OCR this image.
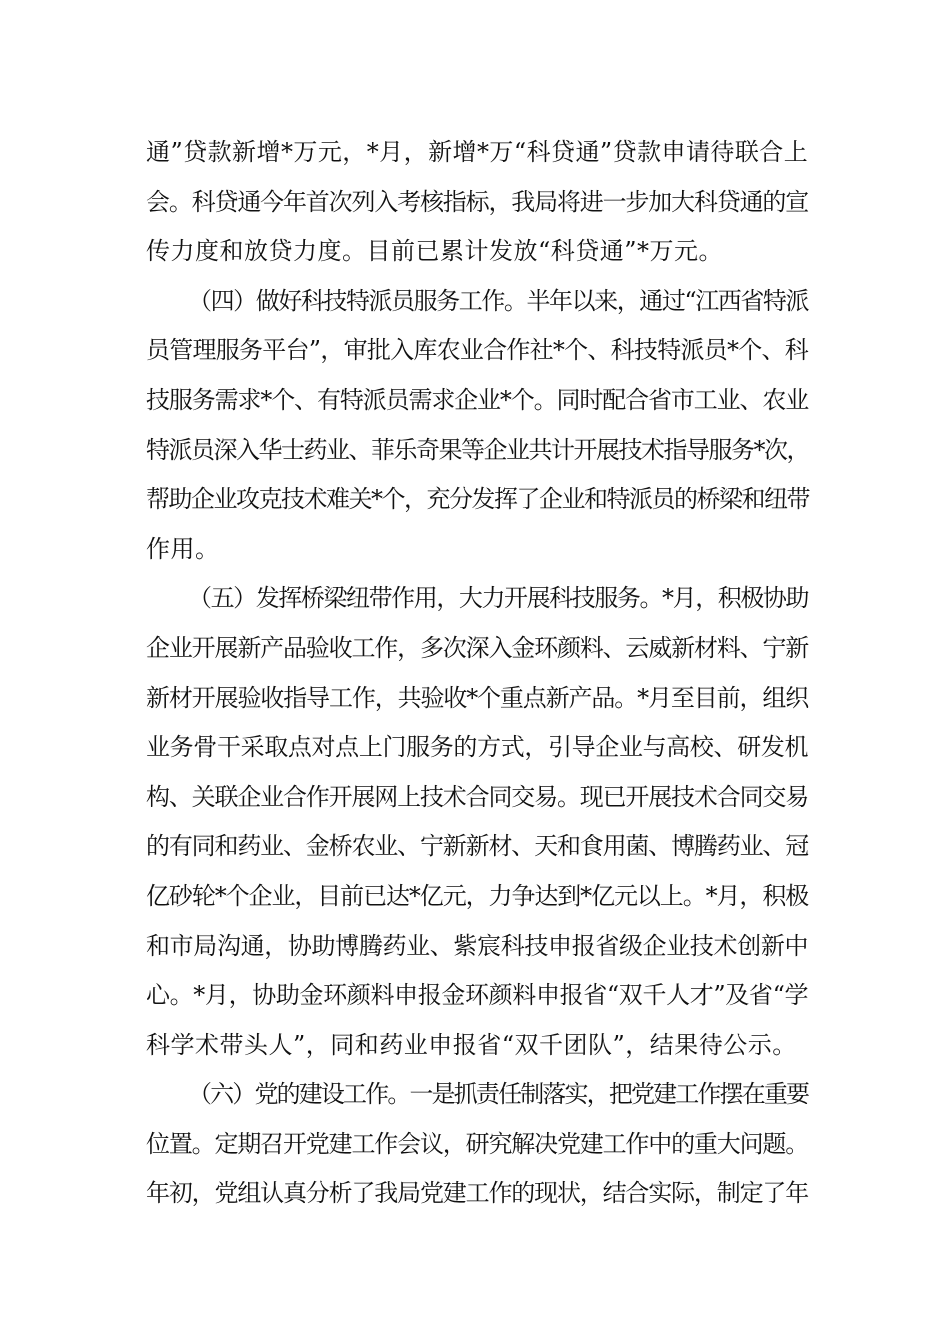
通”贷款新增*万元，*月，新增*万“科贷通”贷款申请待联合上
会。科贷通今年首次列入考核指标，我局将进一步加大科贷通的宣
传力度和放贷力度。目前已累计发放“科贷通”*万元。
（四）做好科技特派员服务工作。半年以来，通过“江西省特派
员管理服务平台”，审批入库农业合作社*个、科技特派员*个、科
技服务需求*个、有特派员需求企业*个。同时配合省市工业、农业
特派员深入华士药业、菲乐奇果等企业共计开展技术指导服务*次，
帮助企业攻克技术难关*个，充分发挥了企业和特派员的桥梁和纽带
作用。
（五）发挥桥梁纽带作用，大力开展科技服务。*月，积极协助
企业开展新产品验收工作，多次深入金环颜料、云威新材料、宁新
新材开展验收指导工作，共验收*个重点新产品。*月至目前，组织
业务骨干采取点对点上门服务的方式，引导企业与高校、研发机
构、关联企业合作开展网上技术合同交易。现已开展技术合同交易
的有同和药业、金桥农业、宁新新材、天和食用菌、博腾药业、冠
亿砂轮*个企业，目前已达*亿元，力争达到*亿元以上。*月，积极
和市局沟通，协助博腾药业、紫宸科技申报省级企业技术创新中
心。*月，协助金环颜料申报金环颜料申报省“双千人才”及省“学
科学术带头人”，同和药业申报省“双千团队”，结果待公示。
（六）党的建设工作。一是抓责任制落实，把党建工作摆在重要
位置。定期召开党建工作会议，研究解决党建工作中的重大问题。
年初，党组认真分析了我局党建工作的现状，结合实际，制定了年
